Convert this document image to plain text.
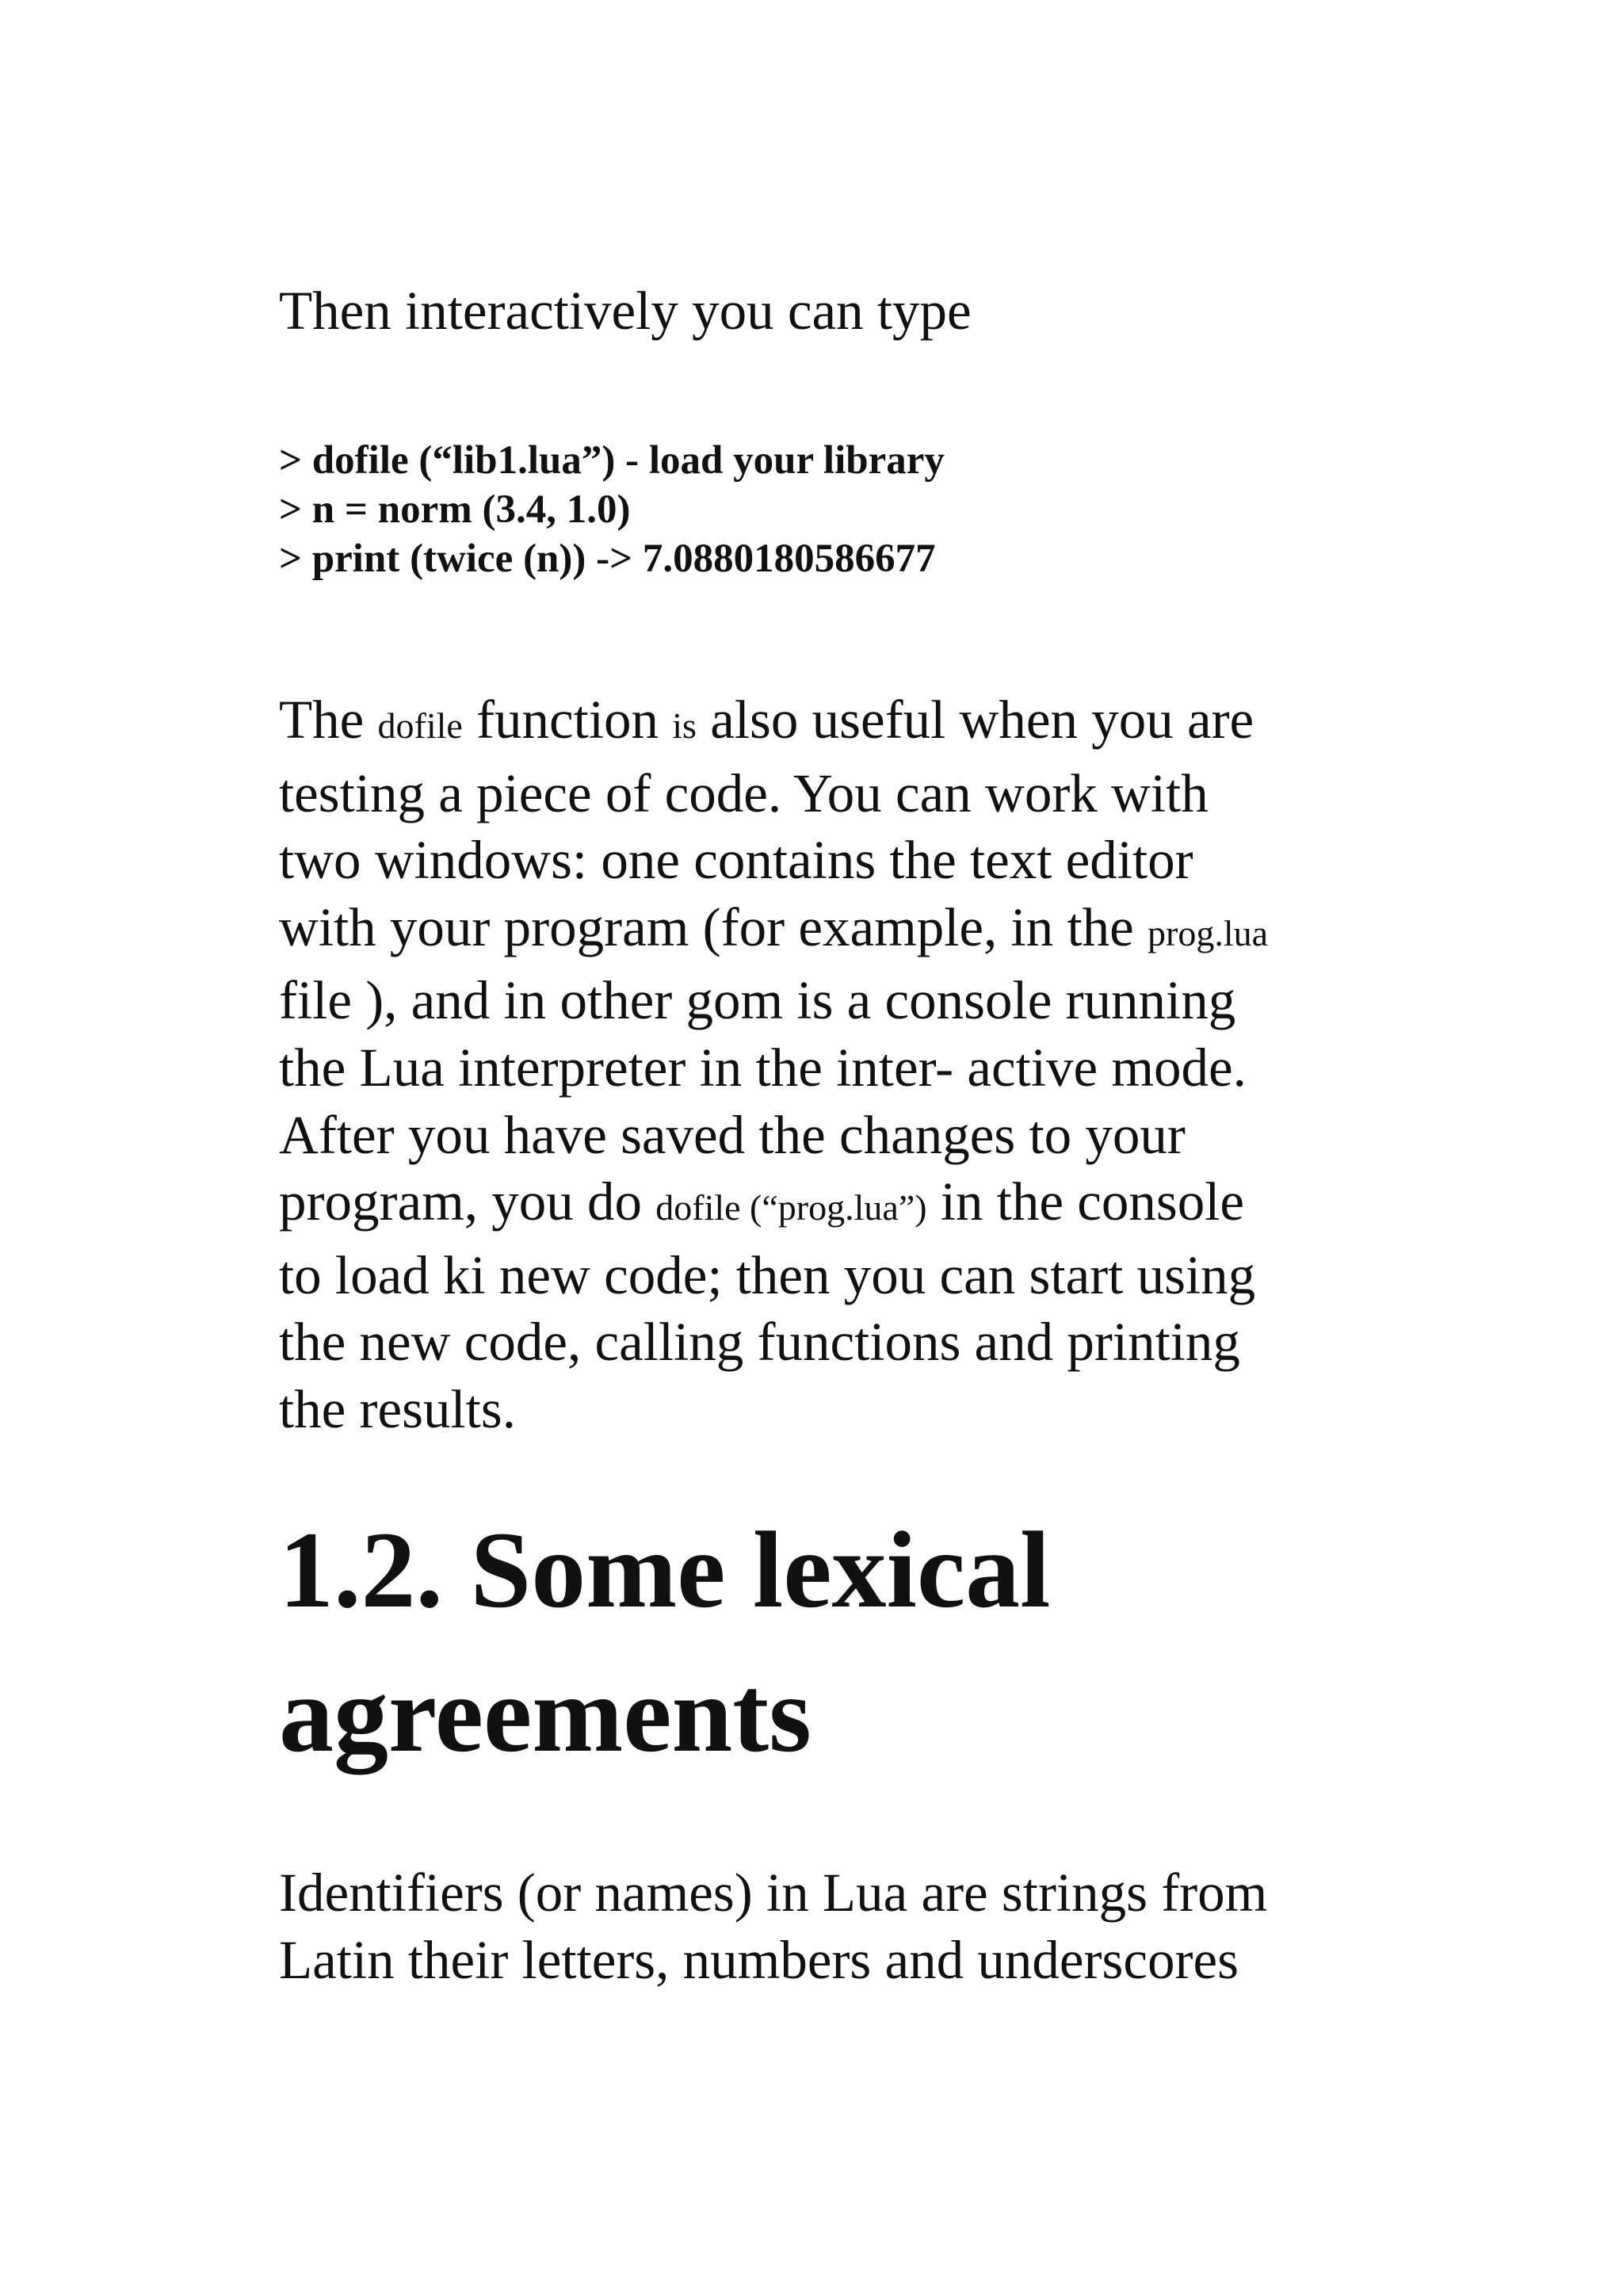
Then interactively you can type
> dofile (“lib1.lua”) - load your library
> n = norm (3.4, 1.0)
> print (twice (n)) -> 7.0880180586677
The dofile function is also useful when you are
testing a piece of code. You can work with
two windows: one contains the text editor
with your program (for example, in the prog.lua
file ), and in other gom is a console running
the Lua interpreter in the inter- active mode.
After you have saved the changes to your
program, you do dofile (“prog.lua”) in the console
to load ki new code; then you can start using
the new code, calling functions and printing
the results.
1.2. Some lexical
agreements
Identifiers (or names) in Lua are strings from
Latin their letters, numbers and underscores
